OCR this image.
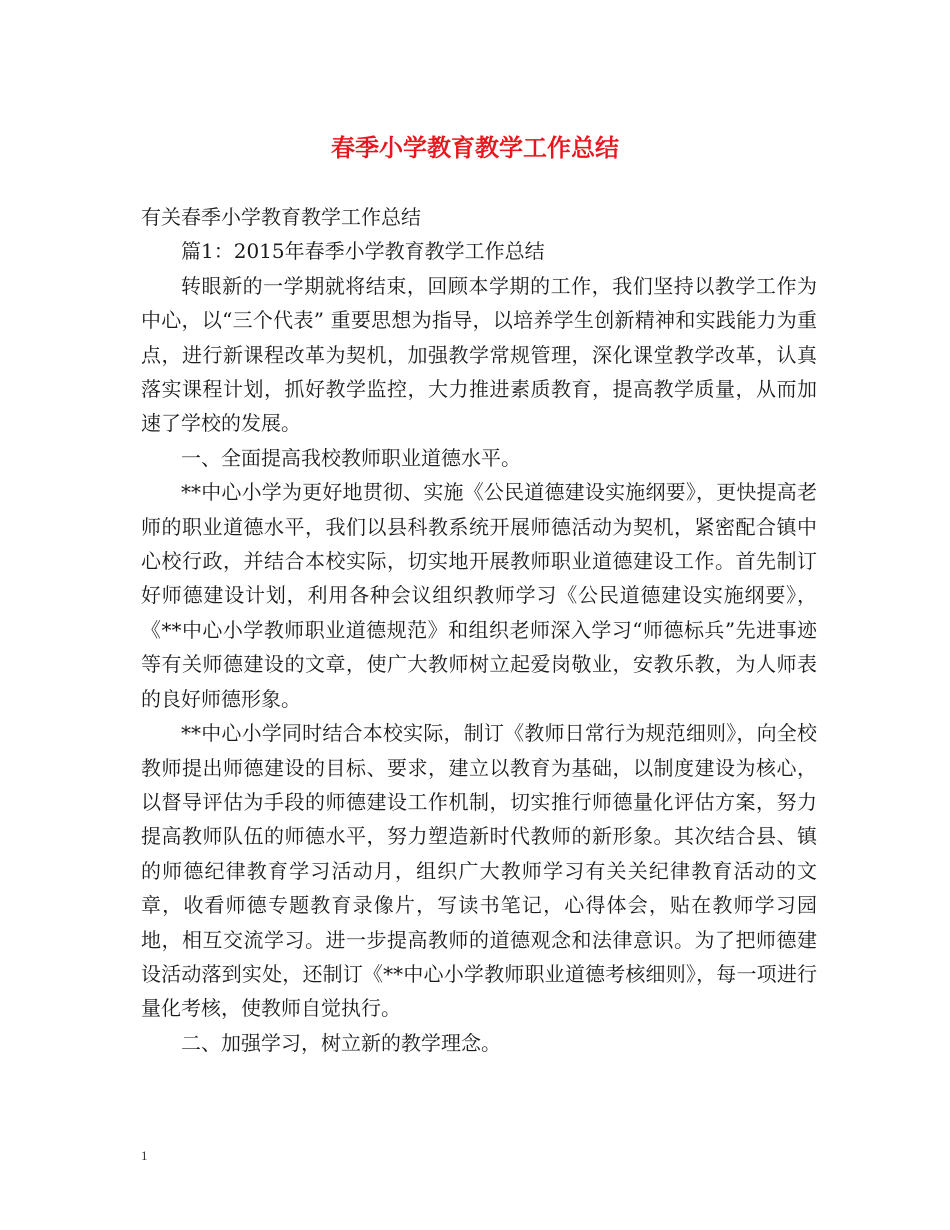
春季小学教育教学工作总结

有关春季小学教育教学工作总结

篇1：2015年春季小学教育教学工作总结

转眼新的一学期就将结束，回顾本学期的工作，我们坚持以教学工作为中心，以“三个代表” 重要思想为指导，以培养学生创新精神和实践能力为重点，进行新课程改革为契机，加强教学常规管理，深化课堂教学改革，认真落实课程计划，抓好教学监控，大力推进素质教育，提高教学质量，从而加速了学校的发展。

一、全面提高我校教师职业道德水平。

**中心小学为更好地贯彻、实施《公民道德建设实施纲要》，更快提高老师的职业道德水平，我们以县科教系统开展师德活动为契机，紧密配合镇中心校行政，并结合本校实际，切实地开展教师职业道德建设工作。首先制订好师德建设计划，利用各种会议组织教师学习《公民道德建设实施纲要》，《**中心小学教师职业道德规范》和组织老师深入学习“师德标兵”先进事迹等有关师德建设的文章，使广大教师树立起爱岗敬业，安教乐教，为人师表的良好师德形象。

**中心小学同时结合本校实际，制订《教师日常行为规范细则》，向全校教师提出师德建设的目标、要求，建立以教育为基础，以制度建设为核心，以督导评估为手段的师德建设工作机制，切实推行师德量化评估方案，努力提高教师队伍的师德水平，努力塑造新时代教师的新形象。其次结合县、镇的师德纪律教育学习活动月，组织广大教师学习有关关纪律教育活动的文章，收看师德专题教育录像片，写读书笔记，心得体会，贴在教师学习园地，相互交流学习。进一步提高教师的道德观念和法律意识。为了把师德建设活动落到实处，还制订《**中心小学教师职业道德考核细则》，每一项进行量化考核，使教师自觉执行。

二、加强学习，树立新的教学理念。

1
